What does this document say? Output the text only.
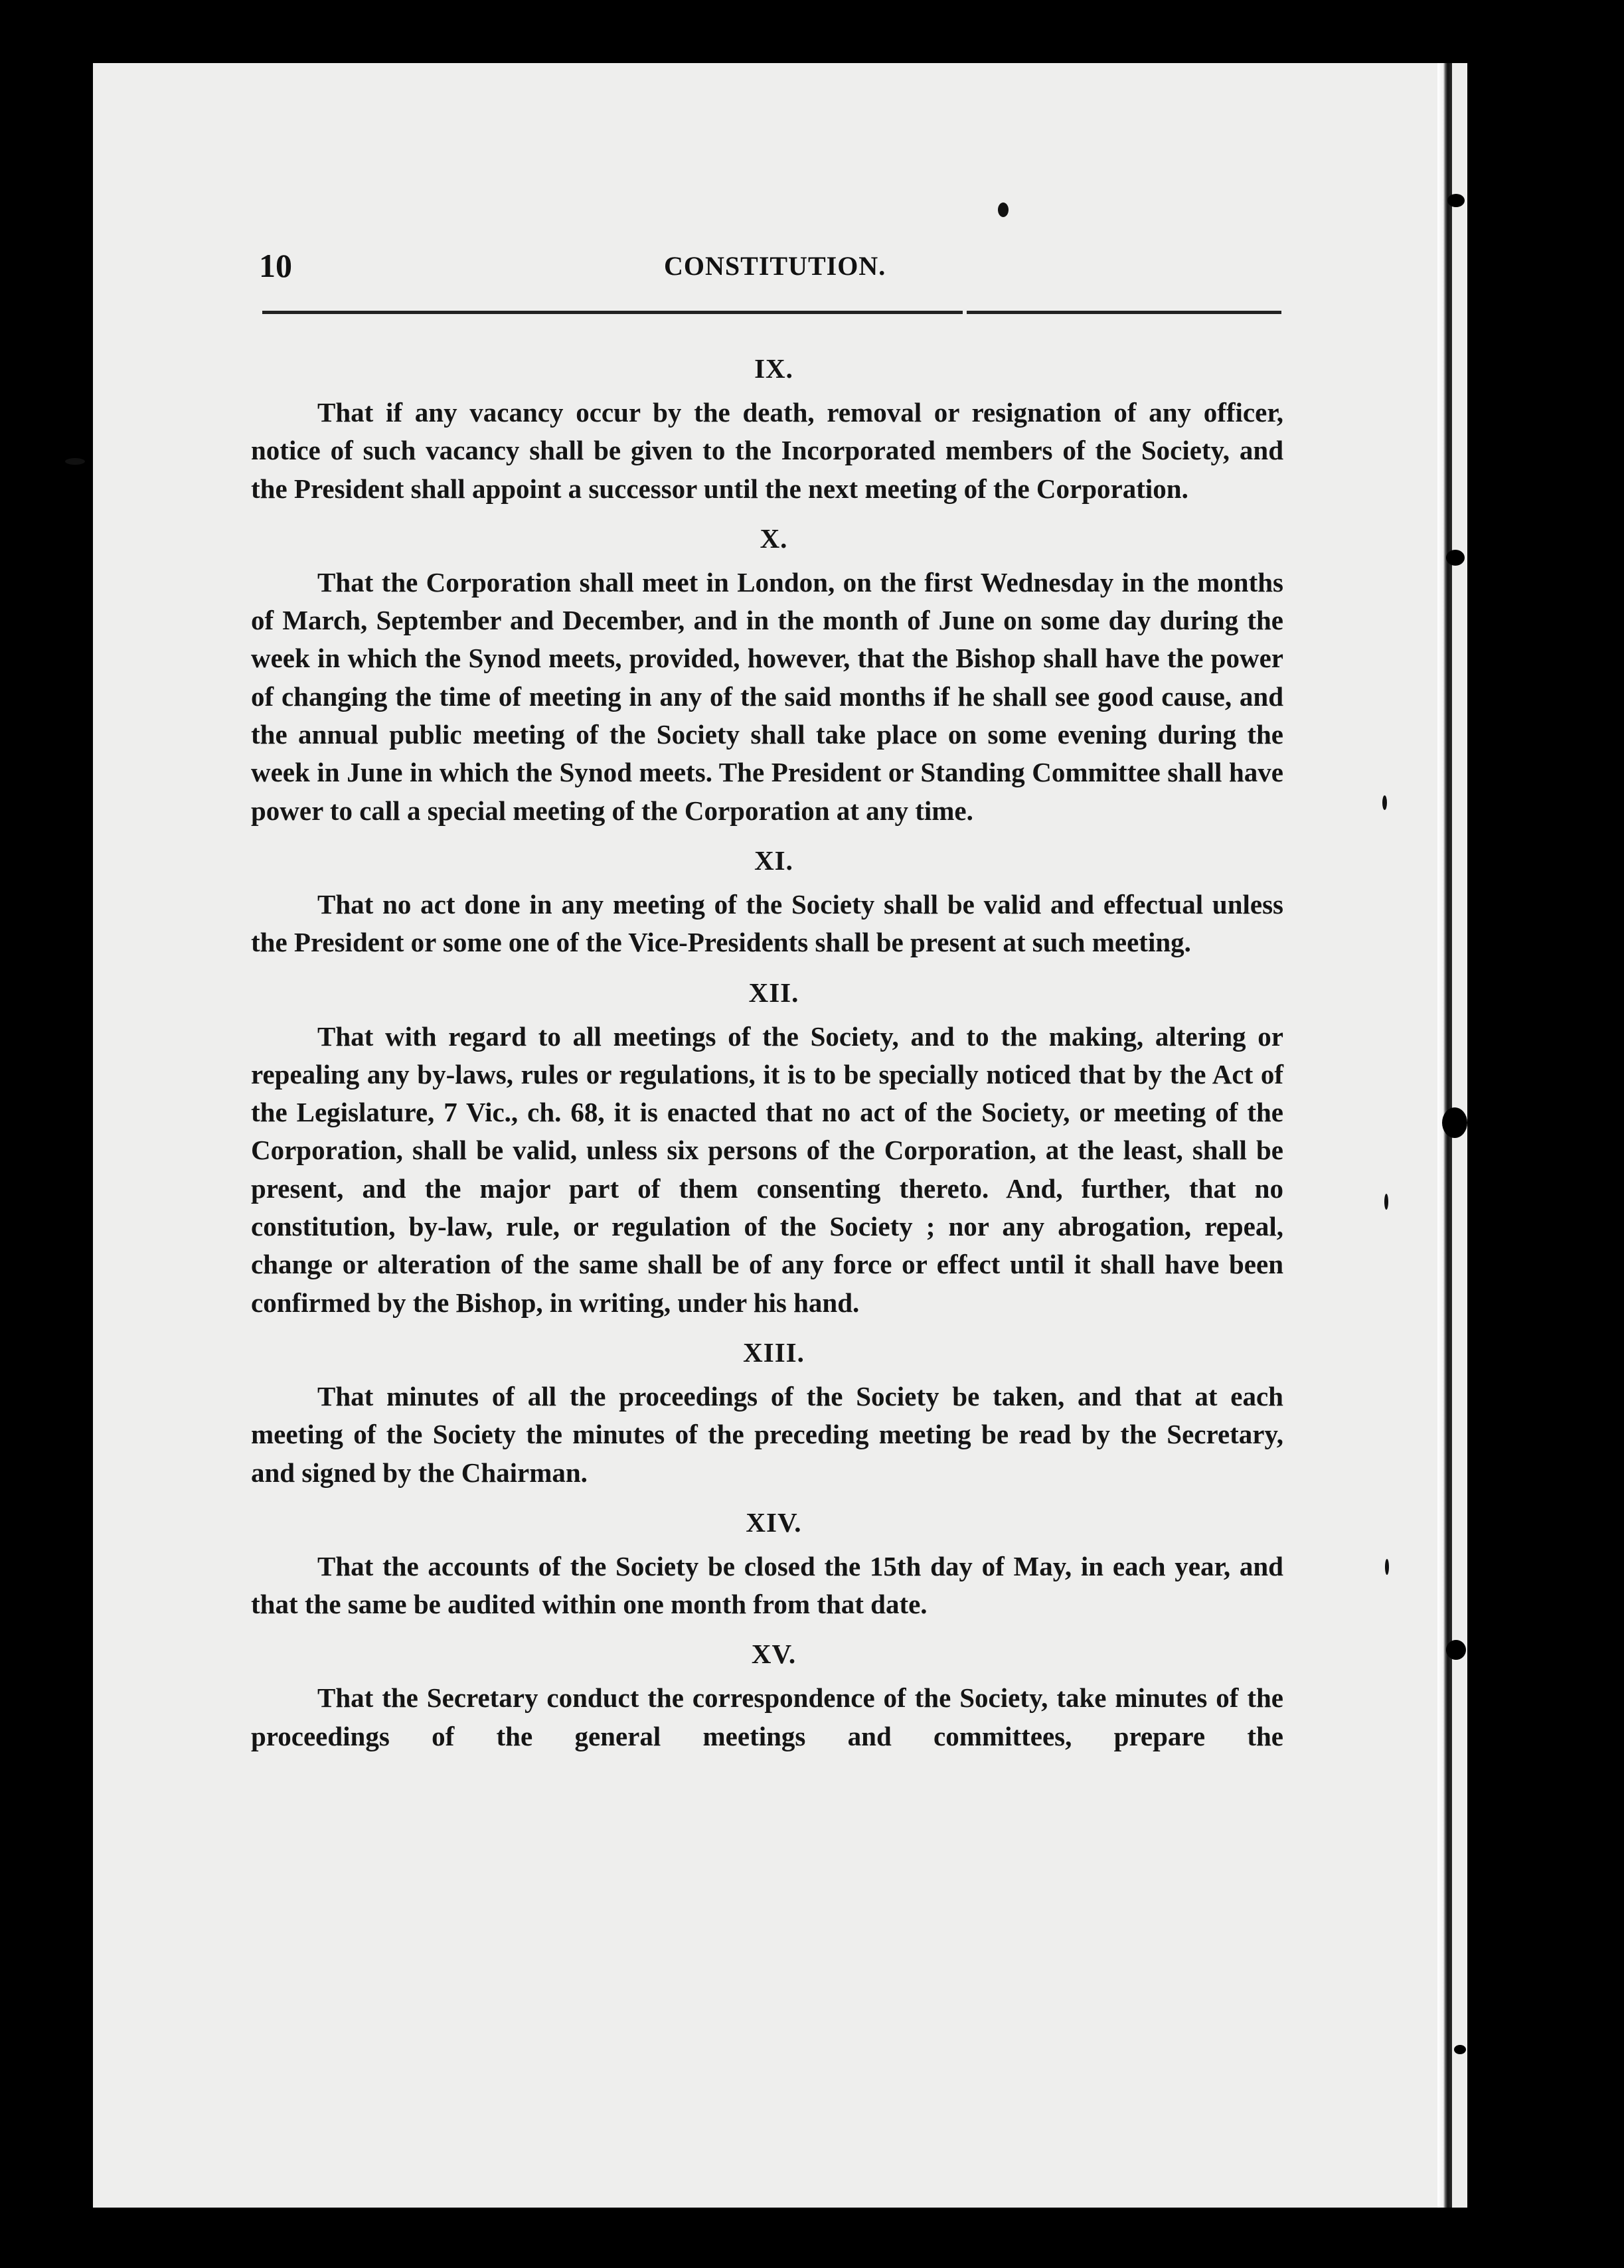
10	CONSTITUTION.

IX.

That if any vacancy occur by the death, removal or resignation of any officer, notice of such vacancy shall be given to the Incorporated members of the Society, and the President shall appoint a successor until the next meeting of the Corporation.

X.

That the Corporation shall meet in London, on the first Wednesday in the months of March, September and December, and in the month of June on some day during the week in which the Synod meets, provided, however, that the Bishop shall have the power of changing the time of meeting in any of the said months if he shall see good cause, and the annual public meeting of the Society shall take place on some evening during the week in June in which the Synod meets. The President or Standing Committee shall have power to call a special meeting of the Corporation at any time.

XI.

That no act done in any meeting of the Society shall be valid and effectual unless the President or some one of the Vice-Presidents shall be present at such meeting.

XII.

That with regard to all meetings of the Society, and to the making, altering or repealing any by-laws, rules or regulations, it is to be specially noticed that by the Act of the Legislature, 7 Vic., ch. 68, it is enacted that no act of the Society, or meeting of the Corporation, shall be valid, unless six persons of the Corporation, at the least, shall be present, and the major part of them consenting thereto. And, further, that no constitution, by-law, rule, or regulation of the Society ; nor any abrogation, repeal, change or alteration of the same shall be of any force or effect until it shall have been confirmed by the Bishop, in writing, under his hand.

XIII.

That minutes of all the proceedings of the Society be taken, and that at each meeting of the Society the minutes of the preceding meeting be read by the Secretary, and signed by the Chairman.

XIV.

That the accounts of the Society be closed the 15th day of May, in each year, and that the same be audited within one month from that date.

XV.

That the Secretary conduct the correspondence of the Society, take minutes of the proceedings of the general meetings and committees, prepare the
